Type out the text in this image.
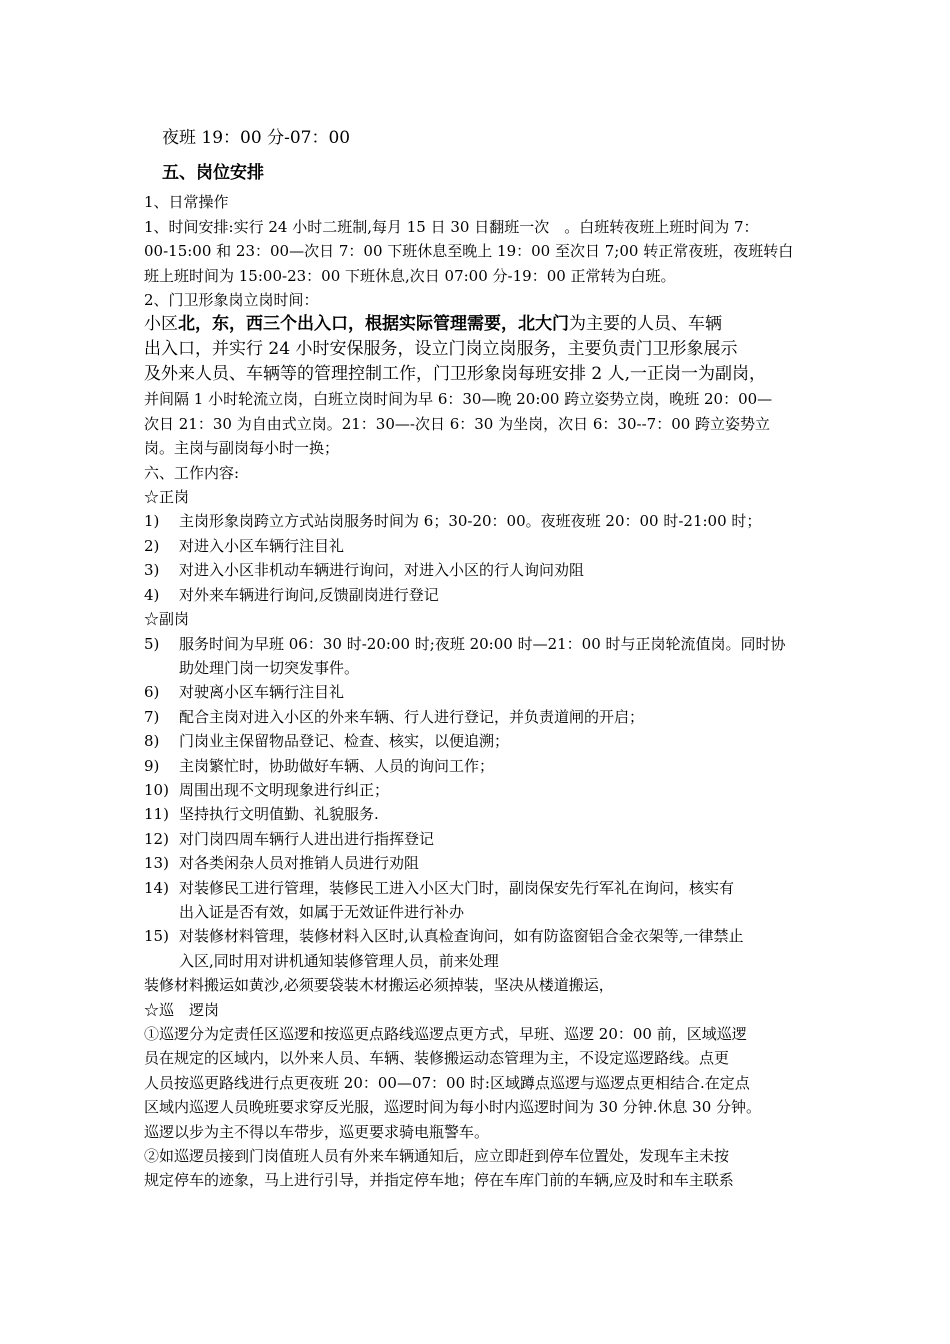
夜班 19：00 分-07：00

五、岗位安排

1、日常操作

1、时间安排:实行 24 小时二班制,每月 15 日 30 日翻班一次　。白班转夜班上班时间为 7：

00-15:00 和 23：00—次日 7：00 下班休息至晚上 19：00 至次日 7;00 转正常夜班，夜班转白

班上班时间为 15:00-23：00 下班休息,次日 07:00 分-19：00 正常转为白班。

2、门卫形象岗立岗时间：

小区北，东，西三个出入口，根据实际管理需要，北大门为主要的人员、车辆

出入口，并实行 24 小时安保服务，设立门岗立岗服务，主要负责门卫形象展示

及外来人员、车辆等的管理控制工作，门卫形象岗每班安排 2 人,一正岗一为副岗，

并间隔 1 小时轮流立岗，白班立岗时间为早 6：30—晚 20:00 跨立姿势立岗，晚班 20：00—

次日 21：30 为自由式立岗。21：30—-次日 6：30 为坐岗，次日 6：30--7：00 跨立姿势立

岗。主岗与副岗每小时一换；

六、工作内容:

☆正岗

1)	主岗形象岗跨立方式站岗服务时间为 6；30-20：00。夜班夜班 20：00 时-21:00 时；
2)	对进入小区车辆行注目礼
3)	对进入小区非机动车辆进行询问，对进入小区的行人询问劝阻
4)	对外来车辆进行询问,反馈副岗进行登记

☆副岗

5)	服务时间为早班 06：30 时-20:00 时;夜班 20:00 时—21：00 时与正岗轮流值岗。同时协
助处理门岗一切突发事件。
6)	对驶离小区车辆行注目礼
7)	配合主岗对进入小区的外来车辆、行人进行登记，并负责道闸的开启；
8)	门岗业主保留物品登记、检查、核实，以便追溯；
9)	主岗繁忙时，协助做好车辆、人员的询问工作；
10) 周围出现不文明现象进行纠正；
11) 坚持执行文明值勤、礼貌服务.
12) 对门岗四周车辆行人进出进行指挥登记
13) 对各类闲杂人员对推销人员进行劝阻
14) 对装修民工进行管理，装修民工进入小区大门时，副岗保安先行军礼在询问，核实有
出入证是否有效，如属于无效证件进行补办
15) 对装修材料管理，装修材料入区时,认真检查询问，如有防盗窗铝合金衣架等,一律禁止
入区,同时用对讲机通知装修管理人员，前来处理

装修材料搬运如黄沙,必须要袋装木材搬运必须掉装，坚决从楼道搬运，

☆巡　逻岗

①巡逻分为定责任区巡逻和按巡更点路线巡逻点更方式，早班、巡逻 20：00 前，区域巡逻

员在规定的区域内，以外来人员、车辆、装修搬运动态管理为主，不设定巡逻路线。点更

人员按巡更路线进行点更夜班 20：00—07：00 时:区域蹲点巡逻与巡逻点更相结合.在定点

区域内巡逻人员晚班要求穿反光服，巡逻时间为每小时内巡逻时间为 30 分钟.休息 30 分钟。

巡逻以步为主不得以车带步，巡更要求骑电瓶警车。

②如巡逻员接到门岗值班人员有外来车辆通知后，应立即赶到停车位置处，发现车主未按

规定停车的迹象，马上进行引导，并指定停车地；停在车库门前的车辆,应及时和车主联系
